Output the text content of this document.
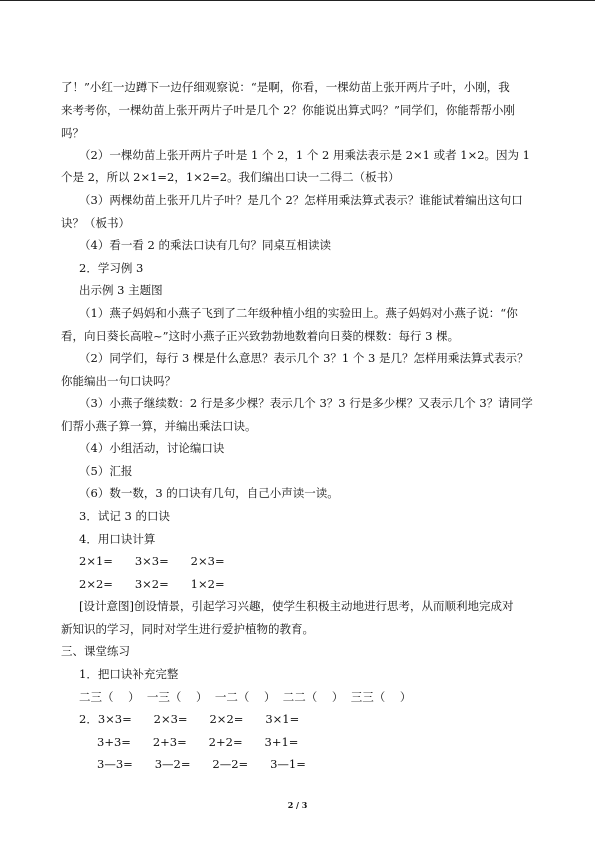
了！”小红一边蹲下一边仔细观察说：“是啊，你看，一棵幼苗上张开两片子叶，小刚，我
来考考你，一棵幼苗上张开两片子叶是几个 2？你能说出算式吗？”同学们，你能帮帮小刚
吗？
（2）一棵幼苗上张开两片子叶是 1 个 2，1 个 2 用乘法表示是 2×1 或者 1×2。因为 1
个是 2，所以 2×1=2，1×2=2。我们编出口诀一二得二（板书）
（3）两棵幼苗上张开几片子叶？是几个 2？怎样用乘法算式表示？谁能试着编出这句口
诀？（板书）
（4）看一看 2 的乘法口诀有几句？同桌互相读读
2．学习例 3
出示例 3 主题图
（1）燕子妈妈和小燕子飞到了二年级种植小组的实验田上。燕子妈妈对小燕子说：“你
看，向日葵长高啦~”这时小燕子正兴致勃勃地数着向日葵的棵数：每行 3 棵。
（2）同学们，每行 3 棵是什么意思？表示几个 3？1 个 3 是几？怎样用乘法算式表示？
你能编出一句口诀吗？
（3）小燕子继续数：2 行是多少棵？表示几个 3？3 行是多少棵？又表示几个 3？请同学
们帮小燕子算一算，并编出乘法口诀。
（4）小组活动，讨论编口诀
（5）汇报
（6）数一数，3 的口诀有几句，自己小声读一读。
3．试记 3 的口诀
4．用口诀计算
2×1=      3×3=      2×3=
2×2=      3×2=      1×2=
[设计意图]创设情景，引起学习兴趣，使学生积极主动地进行思考，从而顺利地完成对
新知识的学习，同时对学生进行爱护植物的教育。
三、课堂练习
1．把口诀补充完整
二三（    ）  一三（    ）  一二（    ）  二二（    ）  三三（    ）
2．3×3=      2×3=      2×2=      3×1=
3+3=      2+3=      2+2=      3+1=
3—3=      3—2=      2—2=      3—1=
2 / 3
